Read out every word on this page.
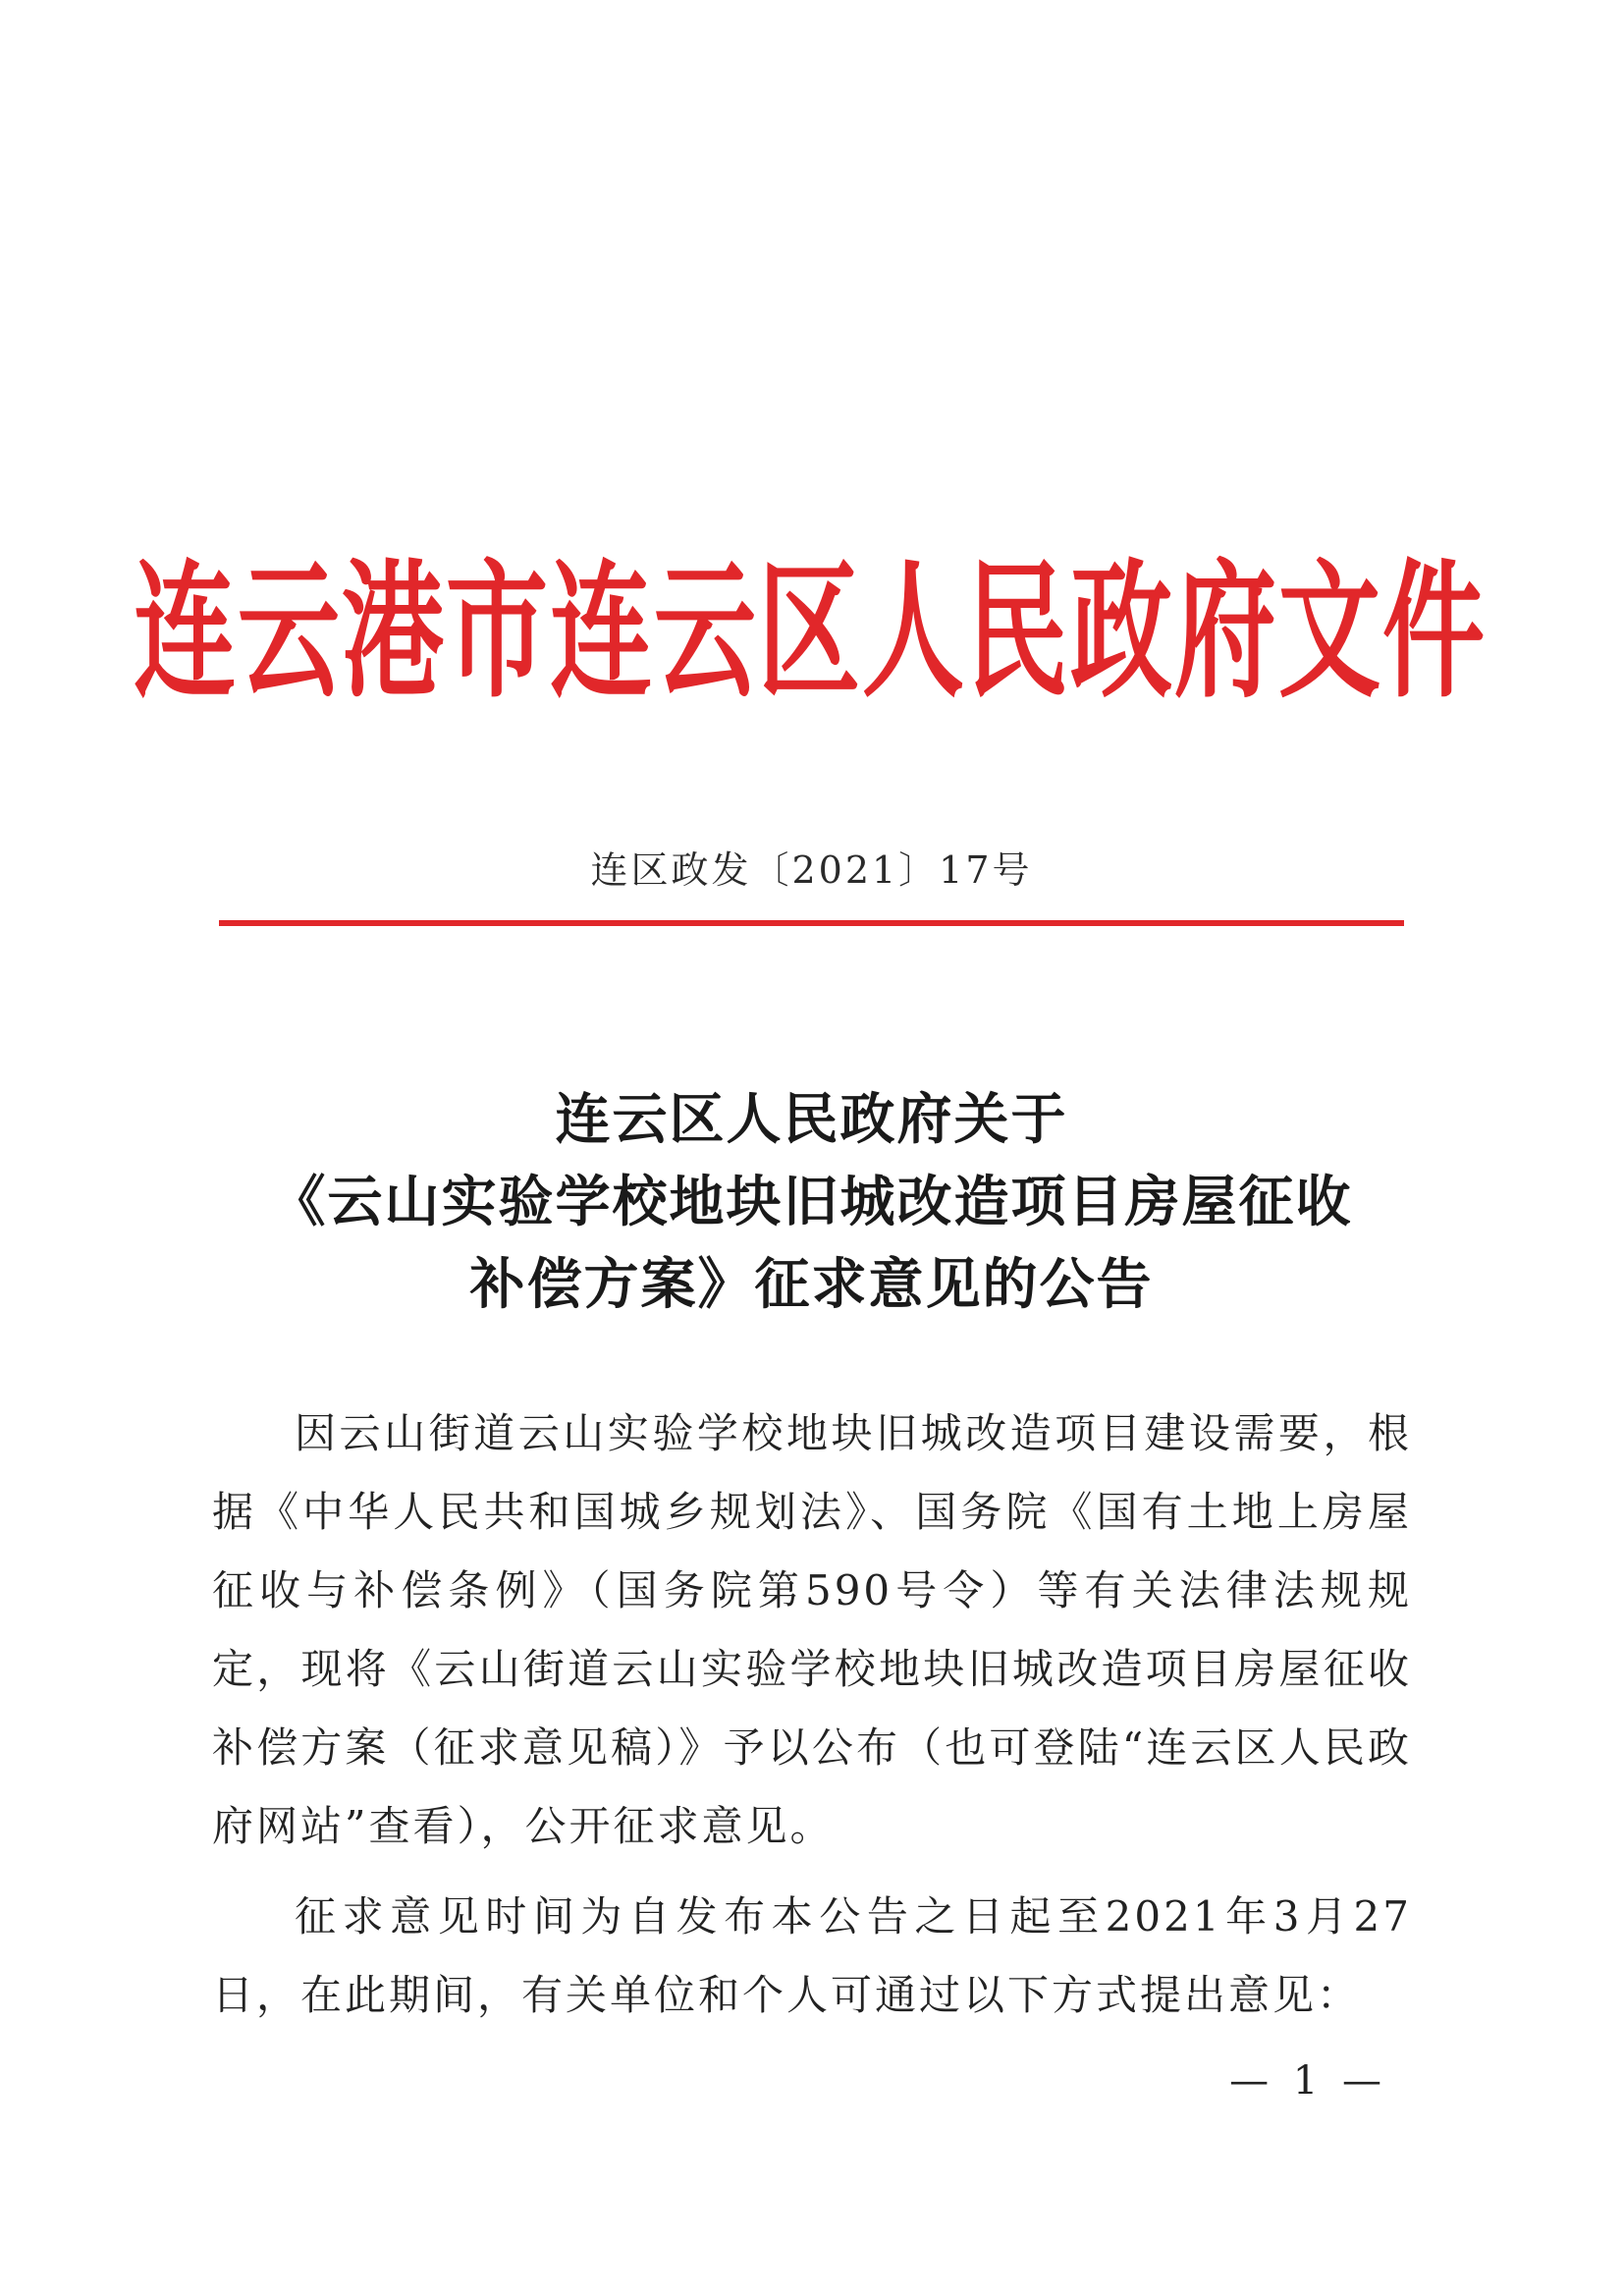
连云港市连云区人民政府文件
连区政发〔2021〕17号
连云区人民政府关于
《云山实验学校地块旧城改造项目房屋征收
补偿方案》征求意见的公告

因云山街道云山实验学校地块旧城改造项目建设需要，根据《中华人民共和国城乡规划法》、国务院《国有土地上房屋征收与补偿条例》（国务院第590号令）等有关法律法规规定，现将《云山街道云山实验学校地块旧城改造项目房屋征收补偿方案（征求意见稿）》予以公布（也可登陆“连云区人民政府网站”查看），公开征求意见。

征求意见时间为自发布本公告之日起至2021年3月27日，在此期间，有关单位和个人可通过以下方式提出意见：

— 1 —
